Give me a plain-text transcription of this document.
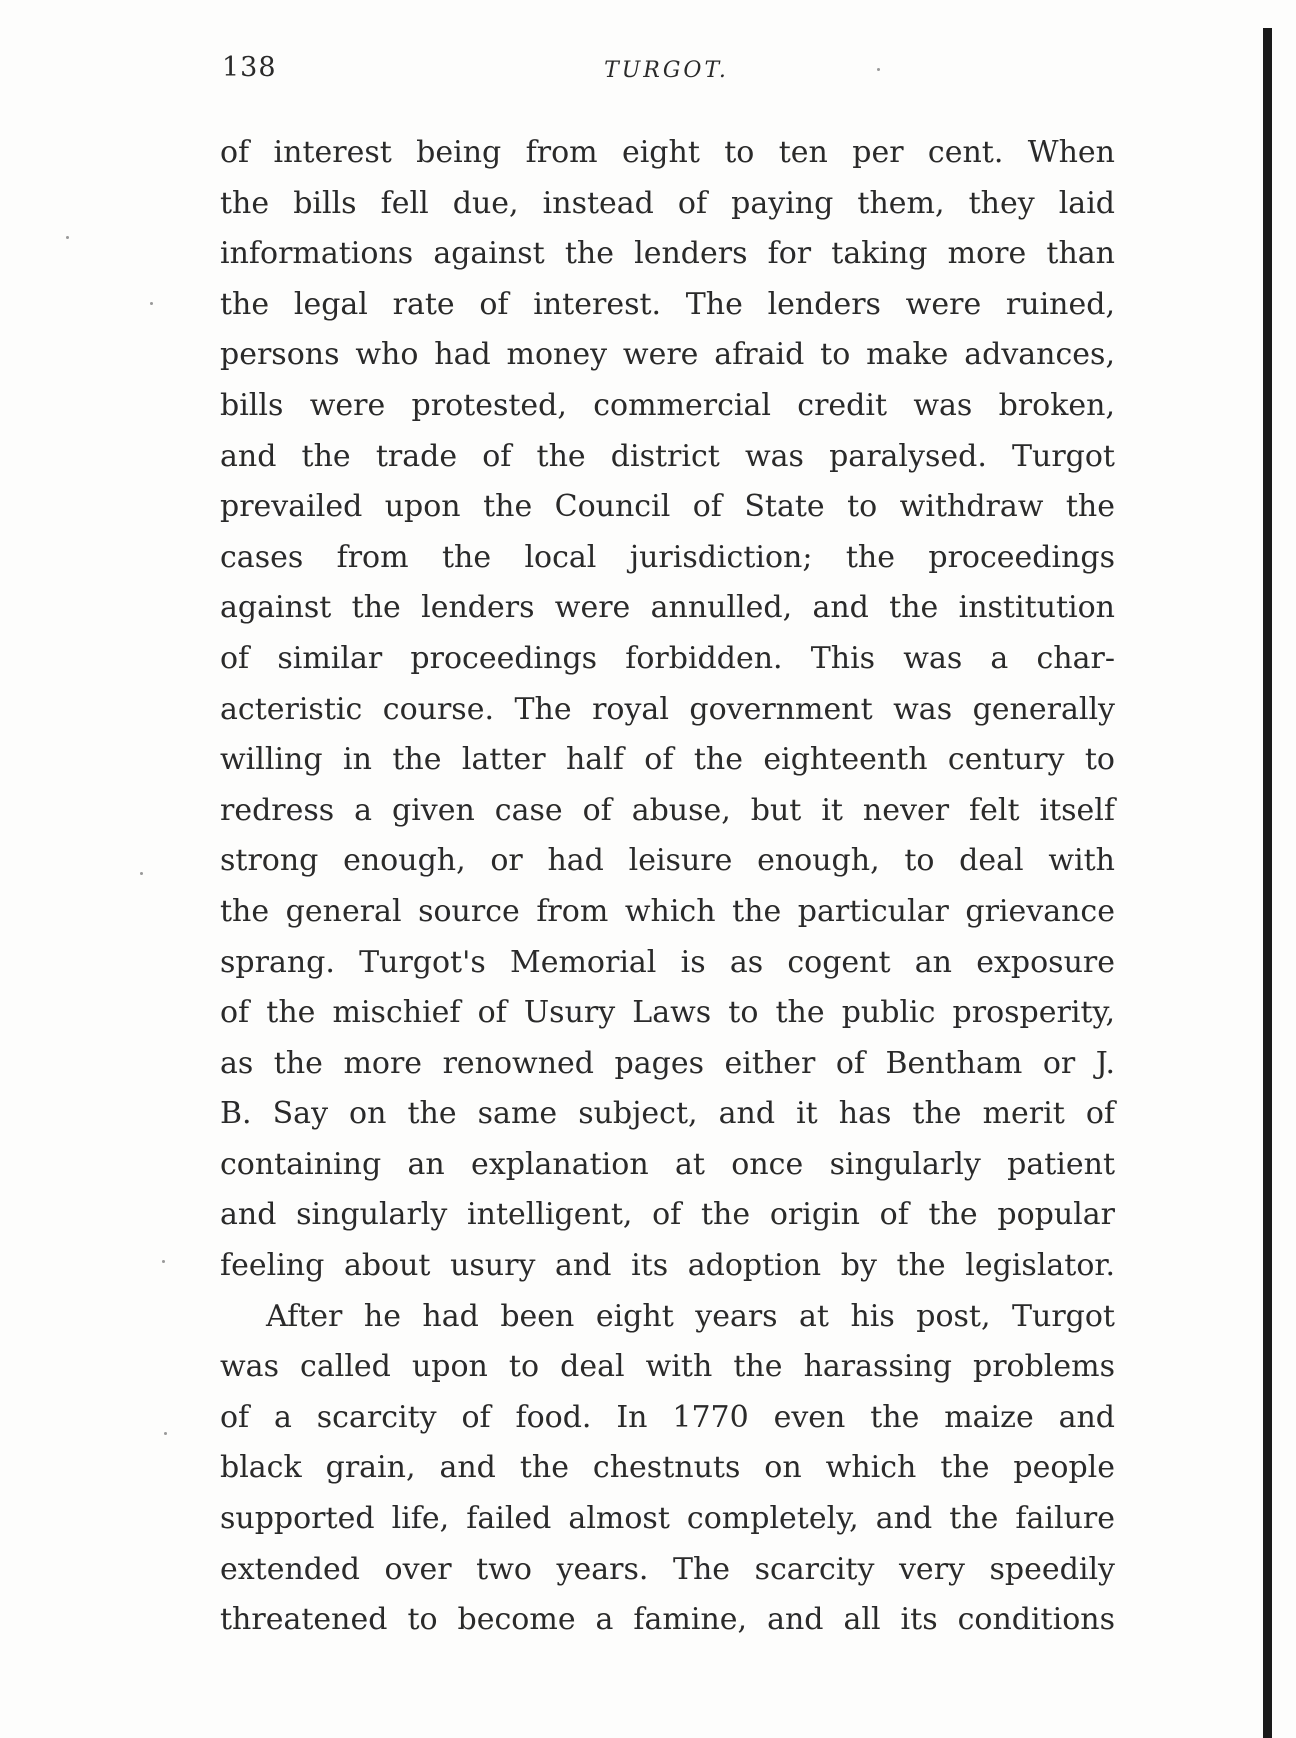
138	TURGOT.
of interest being from eight to ten per cent. When
the bills fell due, instead of paying them, they laid
informations against the lenders for taking more than
the legal rate of interest. The lenders were ruined,
persons who had money were afraid to make advances,
bills were protested, commercial credit was broken,
and the trade of the district was paralysed. Turgot
prevailed upon the Council of State to withdraw the
cases from the local jurisdiction; the proceedings
against the lenders were annulled, and the institution
of similar proceedings forbidden. This was a char-
acteristic course. The royal government was generally
willing in the latter half of the eighteenth century to
redress a given case of abuse, but it never felt itself
strong enough, or had leisure enough, to deal with
the general source from which the particular grievance
sprang. Turgot's Memorial is as cogent an exposure
of the mischief of Usury Laws to the public prosperity,
as the more renowned pages either of Bentham or J.
B. Say on the same subject, and it has the merit of
containing an explanation at once singularly patient
and singularly intelligent, of the origin of the popular
feeling about usury and its adoption by the legislator.
After he had been eight years at his post, Turgot
was called upon to deal with the harassing problems
of a scarcity of food. In 1770 even the maize and
black grain, and the chestnuts on which the people
supported life, failed almost completely, and the failure
extended over two years. The scarcity very speedily
threatened to become a famine, and all its conditions
